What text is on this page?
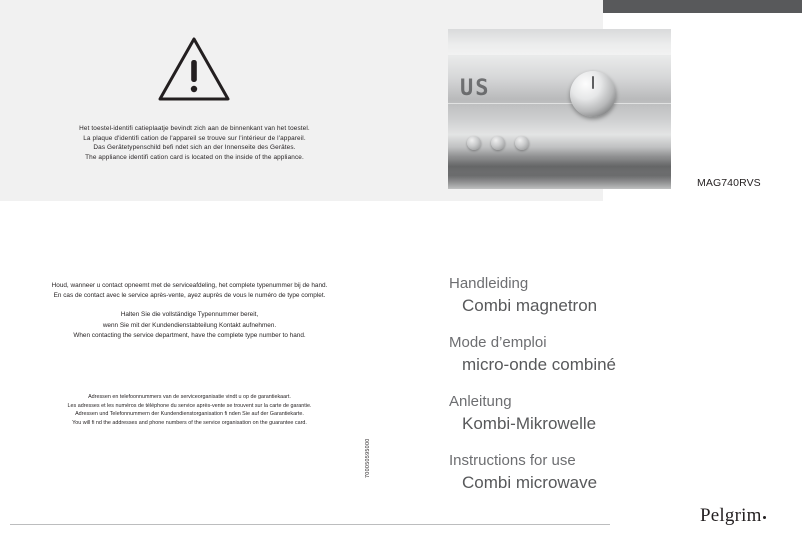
Het toestel-identifi catieplaatje bevindt zich aan de binnenkant van het toestel.
La plaque d'identifi cation de l'appareil se trouve sur l'intérieur de l'appareil.
Das Gerätetypenschild befi ndet sich an der Innenseite des Gerätes.
The appliance identifi cation card is located on the inside of the appliance.
US
MAG740RVS
Houd, wanneer u contact opneemt met de serviceafdeling, het complete typenummer bij de hand.
En cas de contact avec le service après-vente, ayez auprès de vous le numéro de type complet.
Halten Sie die vollständige Typennummer bereit,
wenn Sie mit der Kundendienstabteilung Kontakt aufnehmen.
When contacting the service department, have the complete type number to hand.
Adressen en telefoonnummers van de serviceorganisatie vindt u op de garantiekaart.
Les adresses et les numéros de téléphone du service après-vente se trouvent sur la carte de garantie.
Adressen und Telefonnummern der Kundendienstorganisation fi nden Sie auf der Garantiekarte.
You will fi nd the addresses and phone numbers of the service organisation on the guarantee card.
700050595000
Handleiding
Combi magnetron
Mode d’emploi
micro-onde combiné
Anleitung
Kombi-Mikrowelle
Instructions for use
Combi microwave
Pelgrim
